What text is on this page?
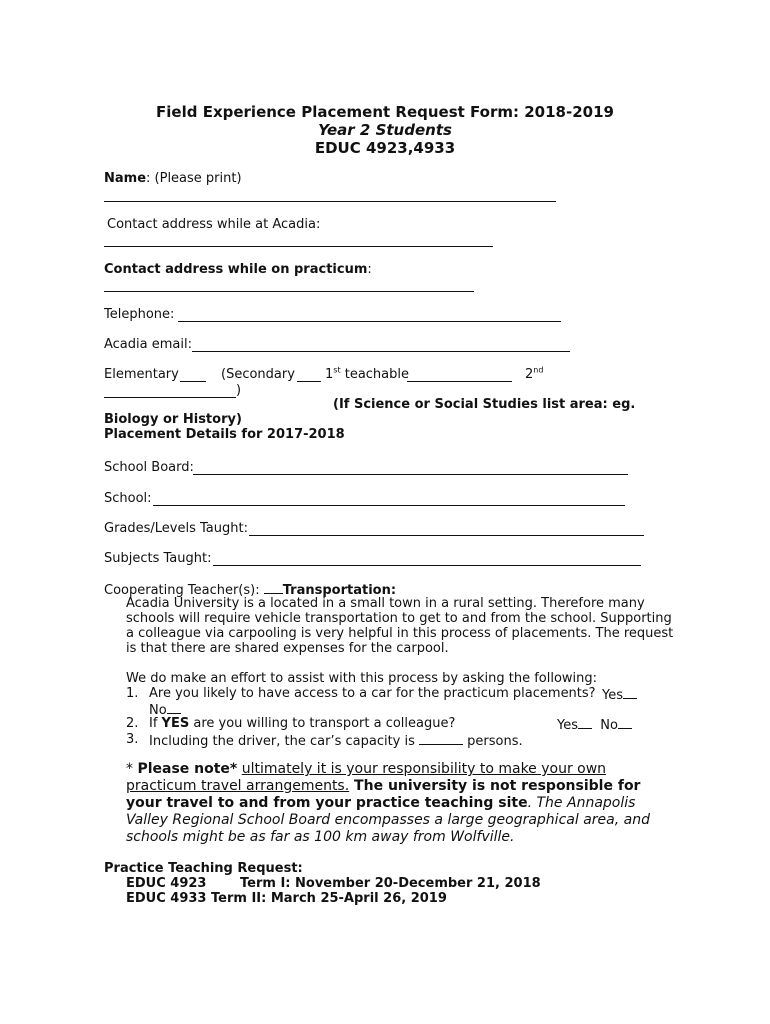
Field Experience Placement Request Form: 2018-2019
Year 2 Students
EDUC 4923,4933
Name: (Please print)
Contact address while at Acadia:
Contact address while on practicum:
Telephone:
Acadia email:
Elementary	(Secondary 1st teachable	2nd
)
(If Science or Social Studies list area: eg.
Biology or History)
Placement Details for 2017-2018
School Board:
School:
Grades/Levels Taught:
Subjects Taught:
Cooperating Teacher(s): Transportation:
Acadia University is a located in a small town in a rural setting. Therefore many
schools will require vehicle transportation to get to and from the school. Supporting
a colleague via carpooling is very helpful in this process of placements. The request
is that there are shared expenses for the carpool.
We do make an effort to assist with this process by asking the following:
1. Are you likely to have access to a car for the practicum placements? Yes
No
2. If YES are you willing to transport a colleague?	Yes No
3. Including the driver, the car’s capacity is	persons.
* Please note* ultimately it is your responsibility to make your own
practicum travel arrangements. The university is not responsible for
your travel to and from your practice teaching site. The Annapolis
Valley Regional School Board encompasses a large geographical area, and
schools might be as far as 100 km away from Wolfville.
Practice Teaching Request:
EDUC 4923	Term I: November 20-December 21, 2018
EDUC 4933 Term II: March 25-April 26, 2019
